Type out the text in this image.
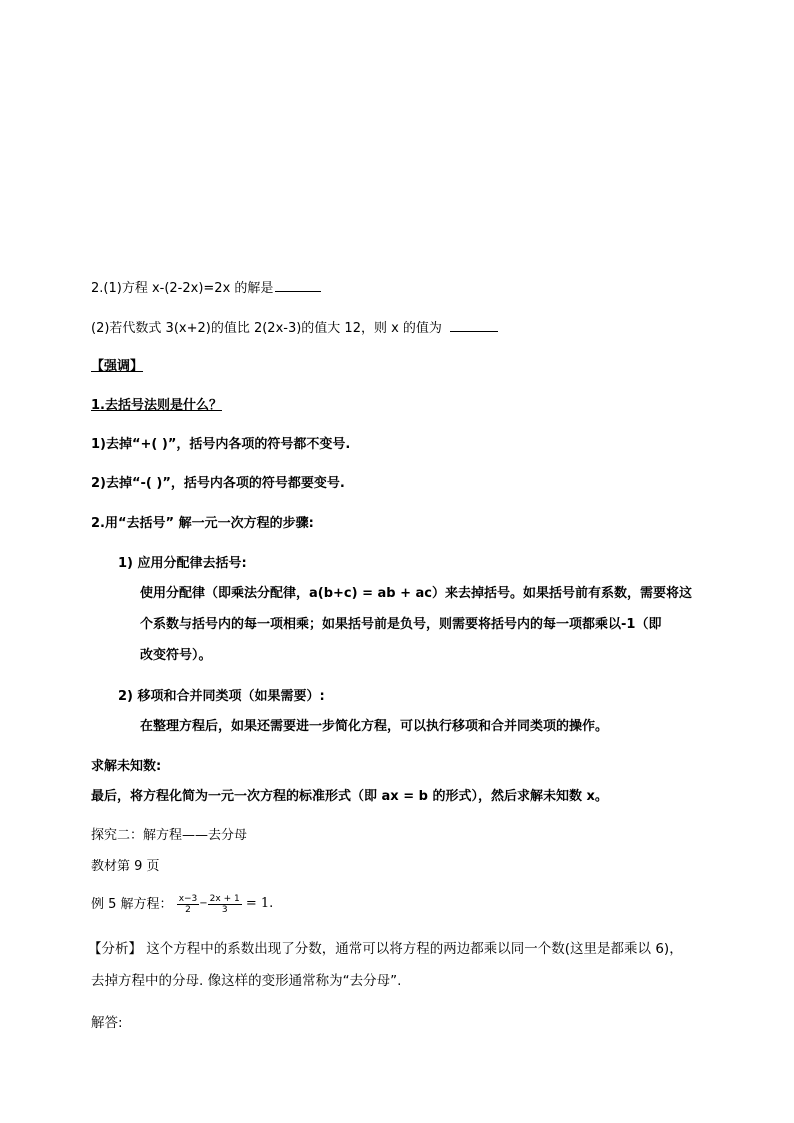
2.(1)方程 x-(2-2x)=2x 的解是
(2)若代数式 3(x+2)的值比 2(2x-3)的值大 12，则 x 的值为
【强调】
1.去括号法则是什么？
1)去掉“+( )”，括号内各项的符号都不变号.
2)去掉“-( )”，括号内各项的符号都要变号.
2.用“去括号” 解一元一次方程的步骤:
1) 应用分配律去括号:
使用分配律（即乘法分配律，a(b+c) = ab + ac）来去掉括号。如果括号前有系数，需要将这
个系数与括号内的每一项相乘；如果括号前是负号，则需要将括号内的每一项都乘以-1（即
改变符号）。
2) 移项和合并同类项（如果需要）:
在整理方程后，如果还需要进一步简化方程，可以执行移项和合并同类项的操作。
求解未知数:
最后，将方程化简为一元一次方程的标准形式（即 ax = b 的形式），然后求解未知数 x。
探究二：解方程——去分母
教材第 9 页
例 5 解方程： $\frac{x-3}{2} - \frac{2x + 1}{3} = 1$.
【分析】 这个方程中的系数出现了分数，通常可以将方程的两边都乘以同一个数(这里是都乘以 6)，
去掉方程中的分母. 像这样的变形通常称为“去分母”.
解答:
